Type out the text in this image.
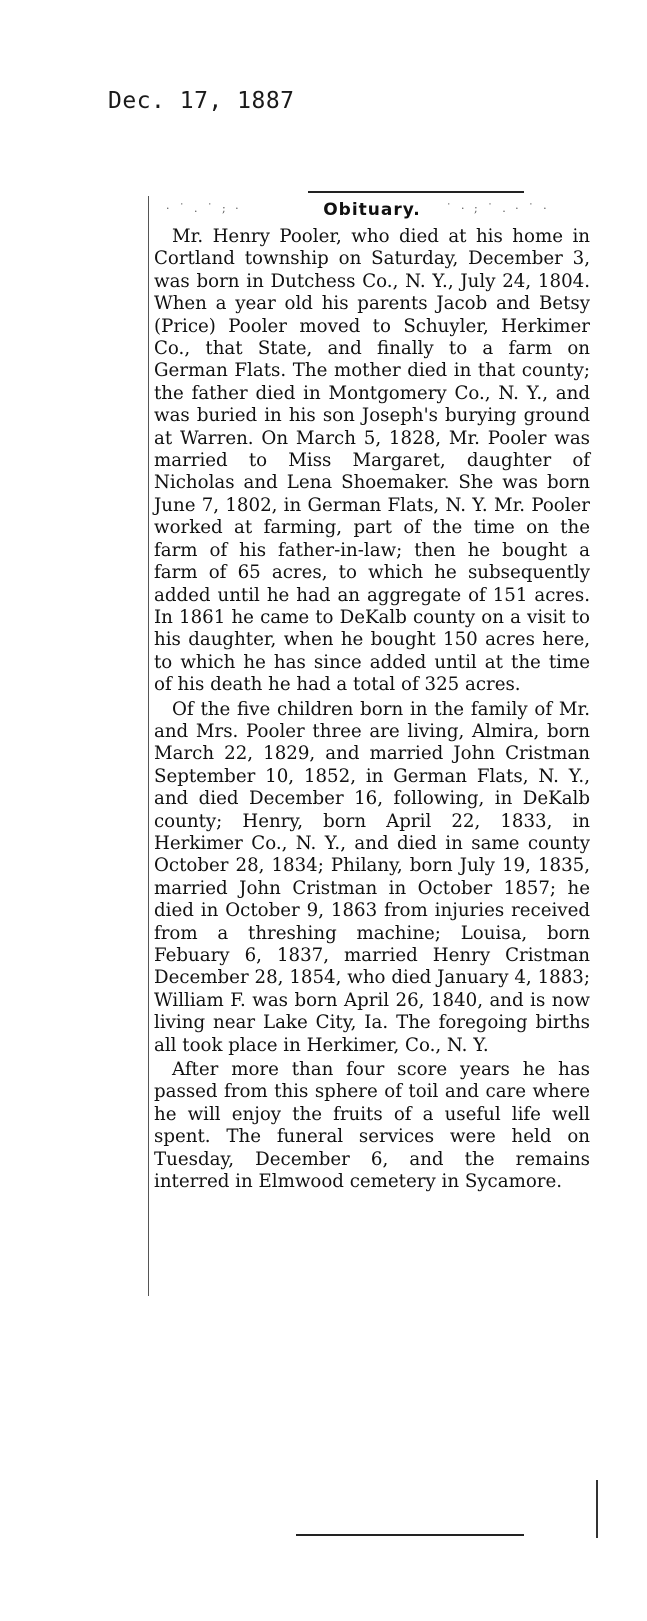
Dec. 17, 1887
· ˙ . ˙ ; ·	˙ · ; ˙ . · ˙ ·
Obituary.

Mr. Henry Pooler, who died at his home in Cortland township on Saturday, December 3, was born in Dutchess Co., N. Y., July 24, 1804. When a year old his parents Jacob and Betsy (Price) Pooler moved to Schuyler, Herkimer Co., that State, and finally to a farm on German Flats. The mother died in that county; the father died in Montgomery Co., N. Y., and was buried in his son Joseph's burying ground at Warren. On March 5, 1828, Mr. Pooler was married to Miss Margaret, daughter of Nicholas and Lena Shoemaker. She was born June 7, 1802, in German Flats, N. Y. Mr. Pooler worked at farming, part of the time on the farm of his father-in-law; then he bought a farm of 65 acres, to which he subsequently added until he had an aggregate of 151 acres. In 1861 he came to DeKalb county on a visit to his daughter, when he bought 150 acres here, to which he has since added until at the time of his death he had a total of 325 acres.

Of the five children born in the family of Mr. and Mrs. Pooler three are living, Almira, born March 22, 1829, and married John Cristman September 10, 1852, in German Flats, N. Y., and died December 16, following, in DeKalb county; Henry, born April 22, 1833, in Herkimer Co., N. Y., and died in same county October 28, 1834; Philany, born July 19, 1835, married John Cristman in October 1857; he died in October 9, 1863 from injuries received from a threshing machine; Louisa, born Febuary 6, 1837, married Henry Cristman December 28, 1854, who died January 4, 1883; William F. was born April 26, 1840, and is now living near Lake City, Ia. The foregoing births all took place in Herkimer, Co., N. Y.

After more than four score years he has passed from this sphere of toil and care where he will enjoy the fruits of a useful life well spent. The funeral services were held on Tuesday, December 6, and the remains interred in Elmwood cemetery in Sycamore.
